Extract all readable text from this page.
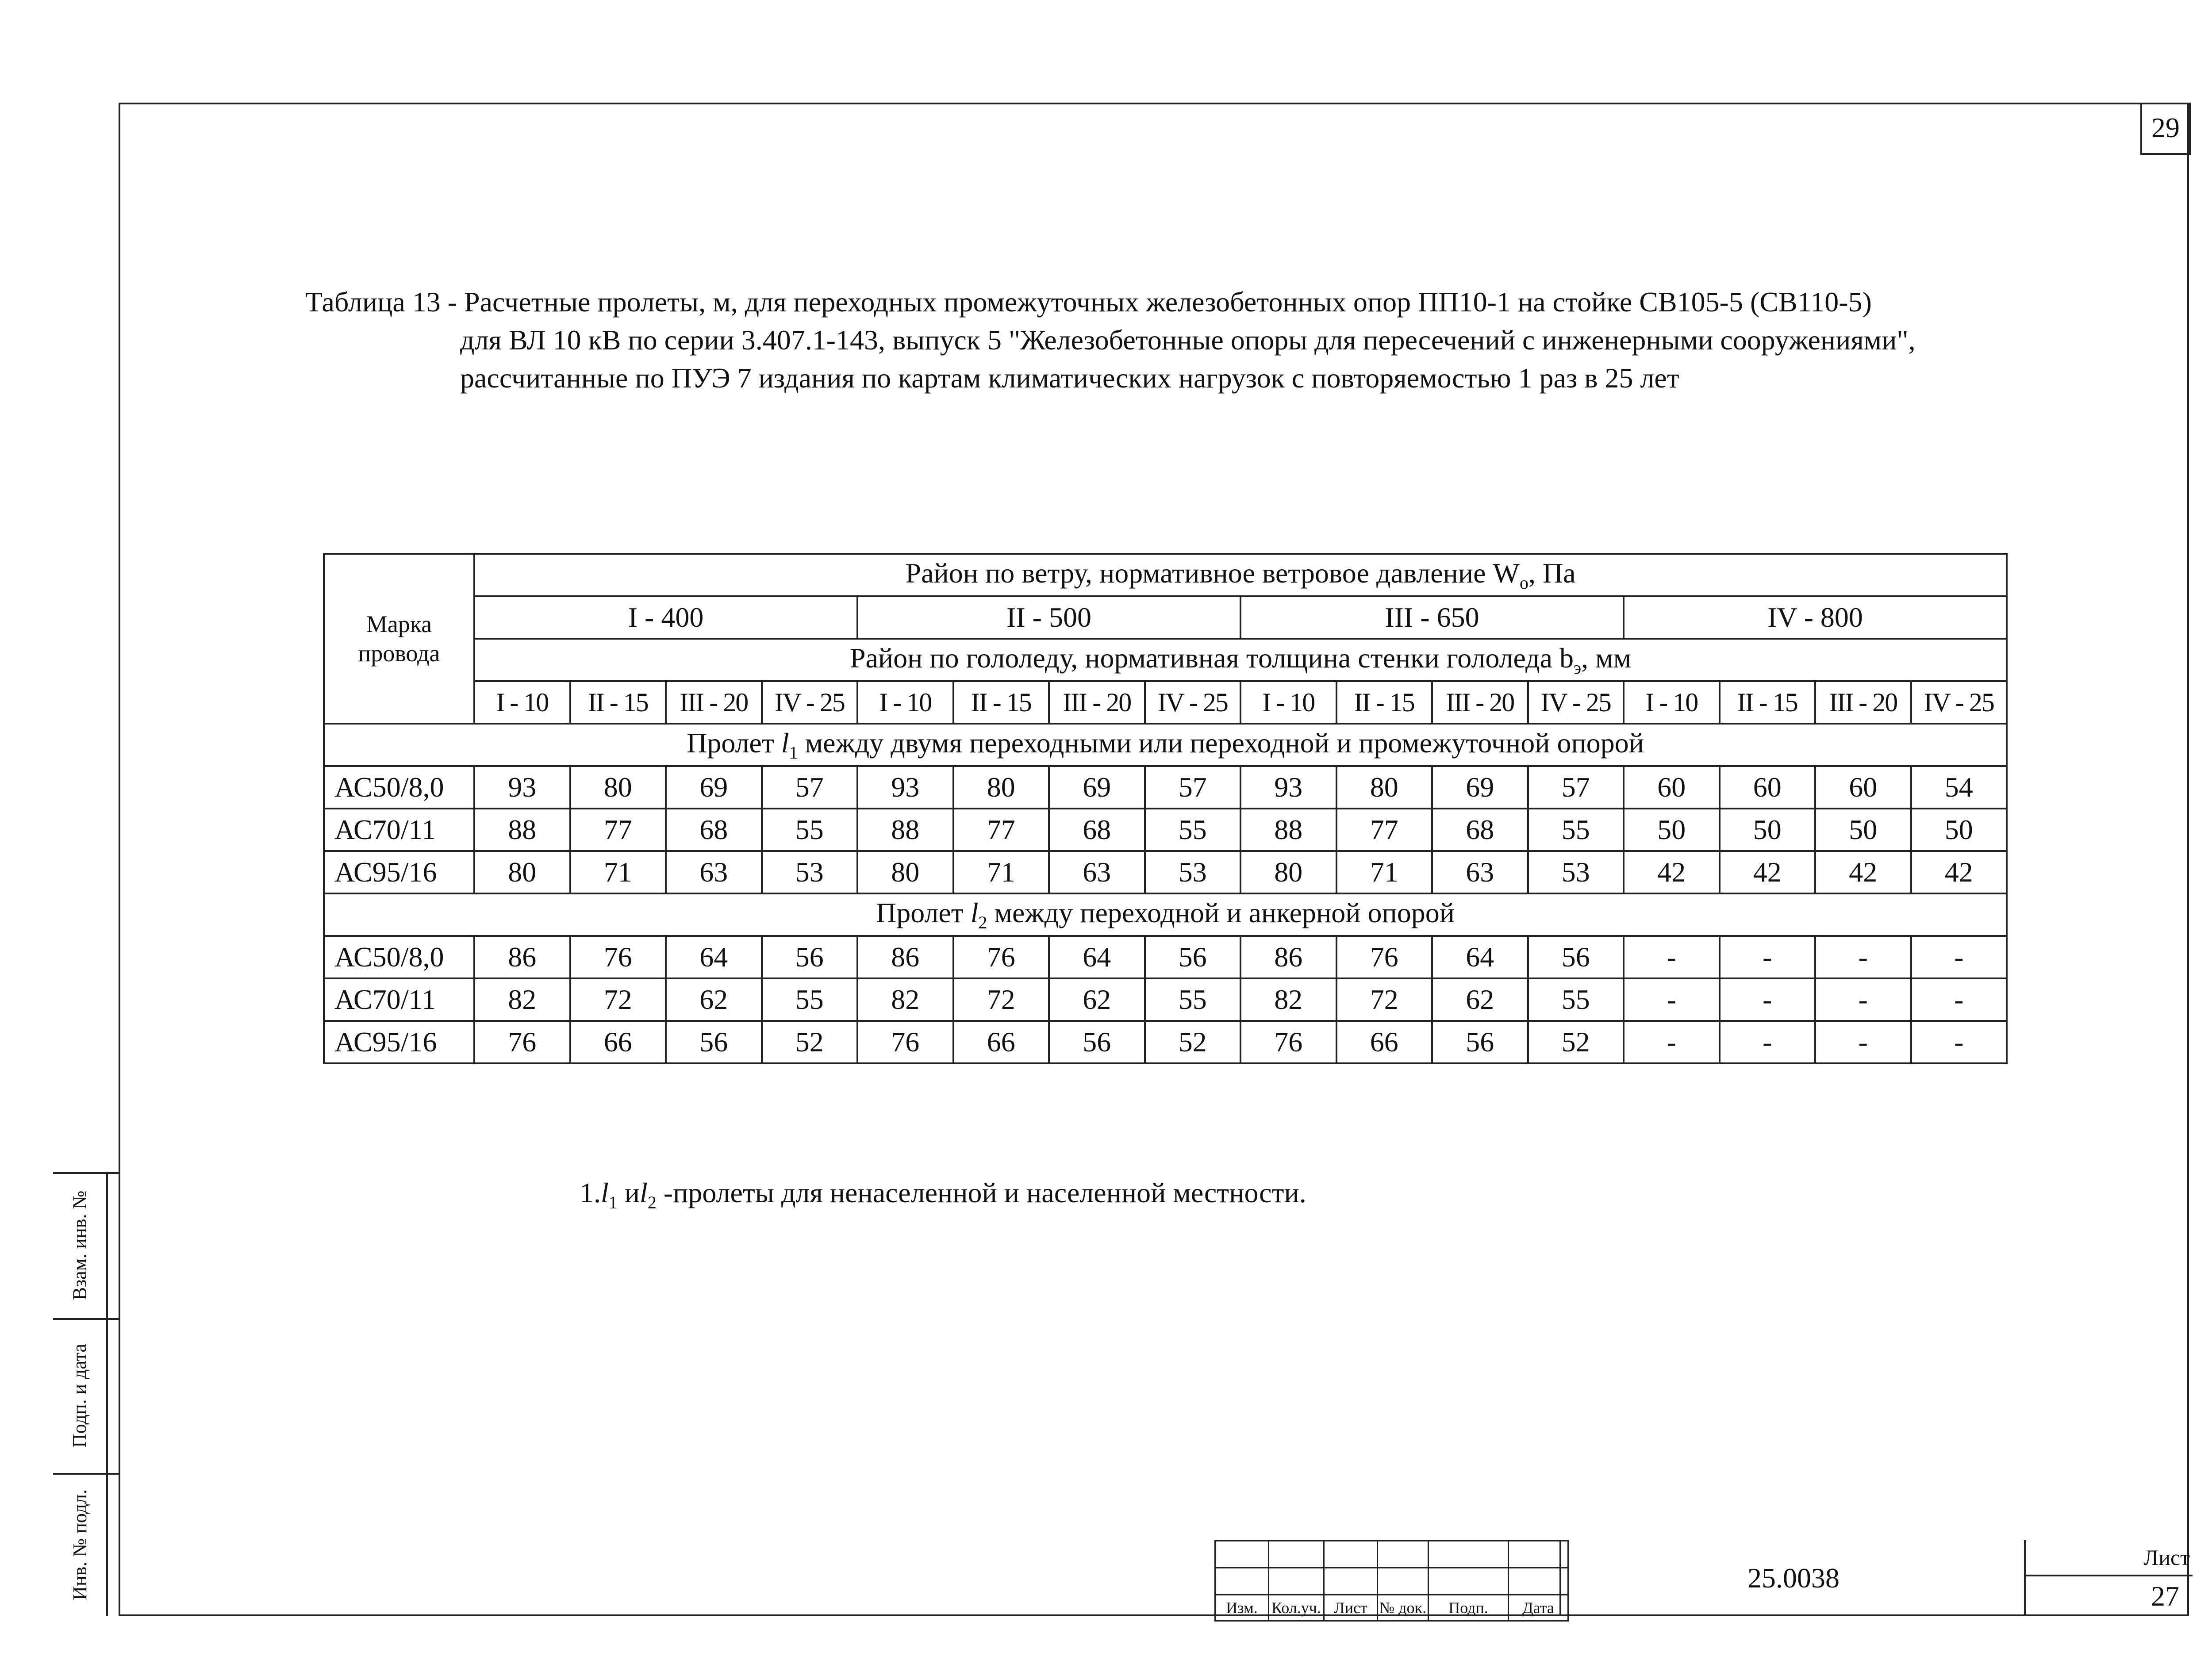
29
Таблица 13 - Расчетные пролеты, м, для переходных промежуточных железобетонных опор ПП10-1 на стойке СВ105-5 (СВ110-5)
для ВЛ 10 кВ по серии 3.407.1-143, выпуск 5 "Железобетонные опоры для пересечений с инженерными сооружениями",
рассчитанные по ПУЭ 7 издания по картам климатических нагрузок с повторяемостью 1 раз в 25 лет
Марка провода	Район по ветру, нормативное ветровое давление $W_о$, Па															
	I - 400				II - 500				III - 650				IV - 800			
	Район по гололеду, нормативная толщина стенки гололеда $b_э$, мм															
	I - 10	II - 15	III - 20	IV - 25	I - 10	II - 15	III - 20	IV - 25	I - 10	II - 15	III - 20	IV - 25	I - 10	II - 15	III - 20	IV - 25
Пролет $l_1$ между двумя переходными или переходной и промежуточной опорой																
АС50/8,0	93	80	69	57	93	80	69	57	93	80	69	57	60	60	60	54
АС70/11	88	77	68	55	88	77	68	55	88	77	68	55	50	50	50	50
АС95/16	80	71	63	53	80	71	63	53	80	71	63	53	42	42	42	42
Пролет $l_2$ между переходной и анкерной опорой																
АС50/8,0	86	76	64	56	86	76	64	56	86	76	64	56	-	-	-	-
АС70/11	82	72	62	55	82	72	62	55	82	72	62	55	-	-	-	-
АС95/16	76	66	56	52	76	66	56	52	76	66	56	52	-	-	-	-
$1.l_1$ $иl_2$ -пролеты для ненаселенной и населенной местности.
Взам. инв. №
Подп. и дата
Инв. № подл.

Изм.	Кол.уч.	Лист	№ док.	Подп.	Дата
25.0038
Лист
27
